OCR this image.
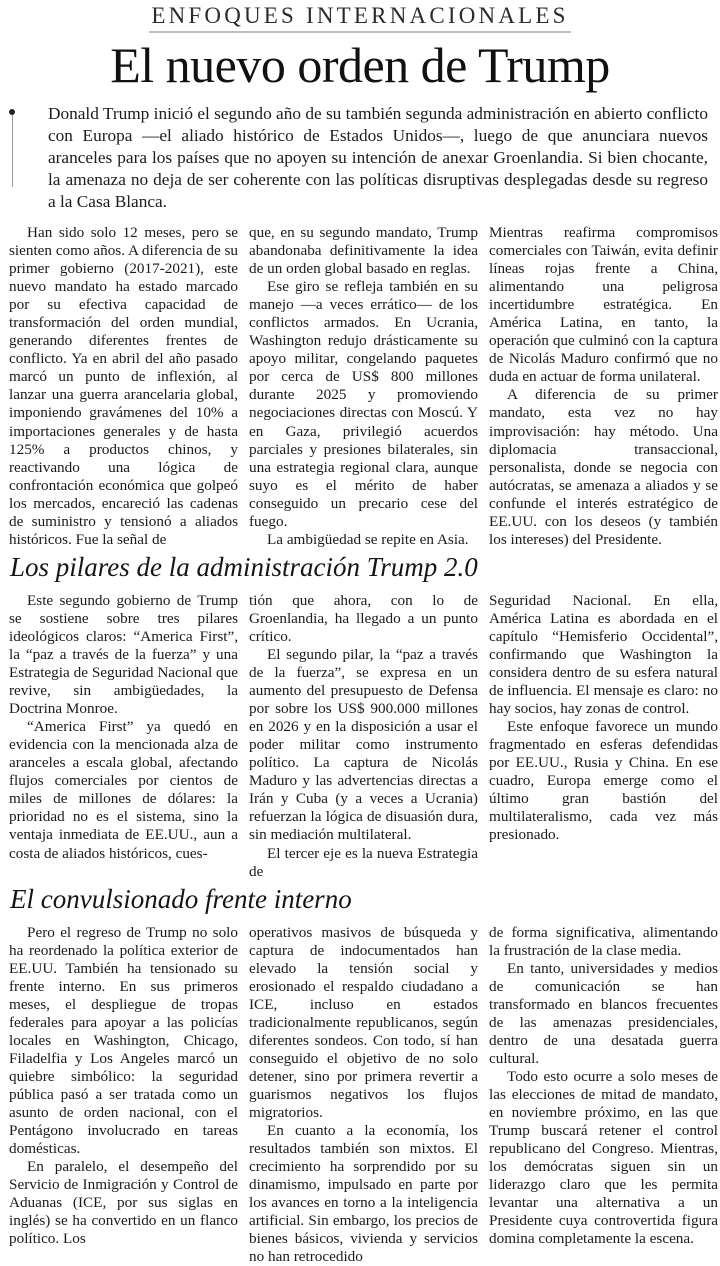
ENFOQUES INTERNACIONALES
El nuevo orden de Trump
Donald Trump inició el segundo año de su también segunda administración en abierto conflicto con Europa —el aliado histórico de Estados Unidos—, luego de que anunciara nuevos aranceles para los países que no apoyen su intención de anexar Groenlandia. Si bien chocante, la amenaza no deja de ser coherente con las políticas disruptivas desplegadas desde su regreso a la Casa Blanca.

Han sido solo 12 meses, pero se sienten como años. A diferencia de su primer gobierno (2017-2021), este nuevo mandato ha estado marcado por su efectiva capacidad de transformación del orden mundial, generando diferentes frentes de conflicto. Ya en abril del año pasado marcó un punto de inflexión, al lanzar una guerra arancelaria global, imponiendo gravámenes del 10% a importaciones generales y de hasta 125% a productos chinos, y reactivando una lógica de confrontación económica que golpeó los mercados, encareció las cadenas de suministro y tensionó a aliados históricos. Fue la señal de

que, en su segundo mandato, Trump abandonaba definitivamente la idea de un orden global basado en reglas.

Ese giro se refleja también en su manejo —a veces errático— de los conflictos armados. En Ucrania, Washington redujo drásticamente su apoyo militar, congelando paquetes por cerca de US$ 800 millones durante 2025 y promoviendo negociaciones directas con Moscú. Y en Gaza, privilegió acuerdos parciales y presiones bilaterales, sin una estrategia regional clara, aunque suyo es el mérito de haber conseguido un precario cese del fuego.

La ambigüedad se repite en Asia.

Mientras reafirma compromisos comerciales con Taiwán, evita definir líneas rojas frente a China, alimentando una peligrosa incertidumbre estratégica. En América Latina, en tanto, la operación que culminó con la captura de Nicolás Maduro confirmó que no duda en actuar de forma unilateral.

A diferencia de su primer mandato, esta vez no hay improvisación: hay método. Una diplomacia transaccional, personalista, donde se negocia con autócratas, se amenaza a aliados y se confunde el interés estratégico de EE.UU. con los deseos (y también los intereses) del Presidente.

Los pilares de la administración Trump 2.0

Este segundo gobierno de Trump se sostiene sobre tres pilares ideológicos claros: “America First”, la “paz a través de la fuerza” y una Estrategia de Seguridad Nacional que revive, sin ambigüedades, la Doctrina Monroe.

“America First” ya quedó en evidencia con la mencionada alza de aranceles a escala global, afectando flujos comerciales por cientos de miles de millones de dólares: la prioridad no es el sistema, sino la ventaja inmediata de EE.UU., aun a costa de aliados históricos, cues-

tión que ahora, con lo de Groenlandia, ha llegado a un punto crítico.

El segundo pilar, la “paz a través de la fuerza”, se expresa en un aumento del presupuesto de Defensa por sobre los US$ 900.000 millones en 2026 y en la disposición a usar el poder militar como instrumento político. La captura de Nicolás Maduro y las advertencias directas a Irán y Cuba (y a veces a Ucrania) refuerzan la lógica de disuasión dura, sin mediación multilateral.

El tercer eje es la nueva Estrategia de

Seguridad Nacional. En ella, América Latina es abordada en el capítulo “Hemisferio Occidental”, confirmando que Washington la considera dentro de su esfera natural de influencia. El mensaje es claro: no hay socios, hay zonas de control.

Este enfoque favorece un mundo fragmentado en esferas defendidas por EE.UU., Rusia y China. En ese cuadro, Europa emerge como el último gran bastión del multilateralismo, cada vez más presionado.

El convulsionado frente interno

Pero el regreso de Trump no solo ha reordenado la política exterior de EE.UU. También ha tensionado su frente interno. En sus primeros meses, el despliegue de tropas federales para apoyar a las policías locales en Washington, Chicago, Filadelfia y Los Angeles marcó un quiebre simbólico: la seguridad pública pasó a ser tratada como un asunto de orden nacional, con el Pentágono involucrado en tareas domésticas.

En paralelo, el desempeño del Servicio de Inmigración y Control de Aduanas (ICE, por sus siglas en inglés) se ha convertido en un flanco político. Los

operativos masivos de búsqueda y captura de indocumentados han elevado la tensión social y erosionado el respaldo ciudadano a ICE, incluso en estados tradicionalmente republicanos, según diferentes sondeos. Con todo, sí han conseguido el objetivo de no solo detener, sino por primera revertir a guarismos negativos los flujos migratorios.

En cuanto a la economía, los resultados también son mixtos. El crecimiento ha sorprendido por su dinamismo, impulsado en parte por los avances en torno a la inteligencia artificial. Sin embargo, los precios de bienes básicos, vivienda y servicios no han retrocedido

de forma significativa, alimentando la frustración de la clase media.

En tanto, universidades y medios de comunicación se han transformado en blancos frecuentes de las amenazas presidenciales, dentro de una desatada guerra cultural.

Todo esto ocurre a solo meses de las elecciones de mitad de mandato, en noviembre próximo, en las que Trump buscará retener el control republicano del Congreso. Mientras, los demócratas siguen sin un liderazgo claro que les permita levantar una alternativa a un Presidente cuya controvertida figura domina completamente la escena.
